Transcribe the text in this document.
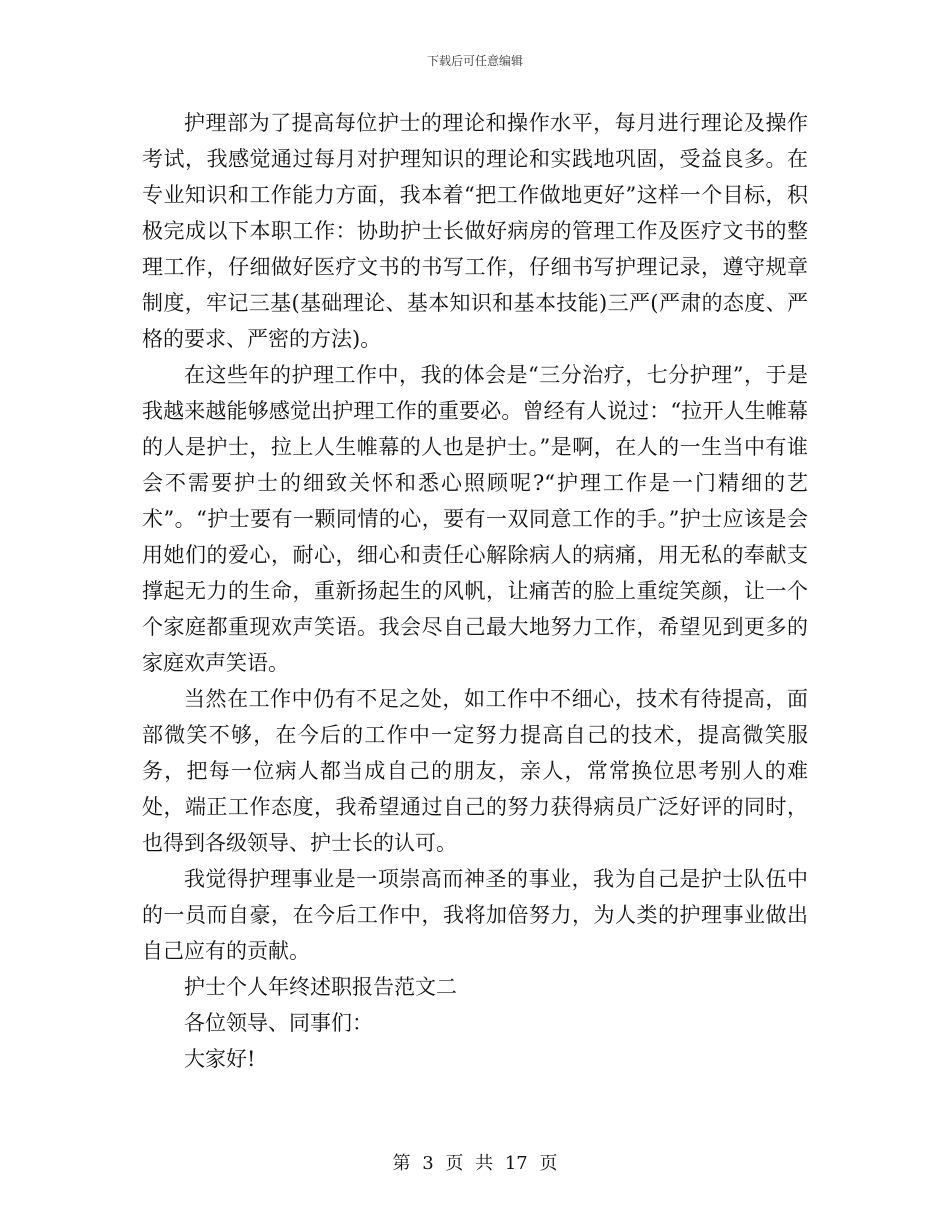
下载后可任意编辑

护理部为了提高每位护士的理论和操作水平，每月进行理论及操作考试，我感觉通过每月对护理知识的理论和实践地巩固，受益良多。在专业知识和工作能力方面，我本着“把工作做地更好”这样一个目标，积极完成以下本职工作：协助护士长做好病房的管理工作及医疗文书的整理工作，仔细做好医疗文书的书写工作，仔细书写护理记录，遵守规章制度，牢记三基(基础理论、基本知识和基本技能)三严(严肃的态度、严格的要求、严密的方法)。

在这些年的护理工作中，我的体会是“三分治疗，七分护理”，于是我越来越能够感觉出护理工作的重要必。曾经有人说过：“拉开人生帷幕的人是护士，拉上人生帷幕的人也是护士。”是啊，在人的一生当中有谁会不需要护士的细致关怀和悉心照顾呢?“护理工作是一门精细的艺术”。“护士要有一颗同情的心，要有一双同意工作的手。”护士应该是会用她们的爱心，耐心，细心和责任心解除病人的病痛，用无私的奉献支撑起无力的生命，重新扬起生的风帆，让痛苦的脸上重绽笑颜，让一个个家庭都重现欢声笑语。我会尽自己最大地努力工作，希望见到更多的家庭欢声笑语。

当然在工作中仍有不足之处，如工作中不细心，技术有待提高，面部微笑不够，在今后的工作中一定努力提高自己的技术，提高微笑服务，把每一位病人都当成自己的朋友，亲人，常常换位思考别人的难处，端正工作态度，我希望通过自己的努力获得病员广泛好评的同时，也得到各级领导、护士长的认可。

我觉得护理事业是一项崇高而神圣的事业，我为自己是护士队伍中的一员而自豪，在今后工作中，我将加倍努力，为人类的护理事业做出自己应有的贡献。

护士个人年终述职报告范文二

各位领导、同事们：

大家好!

第 3 页 共 17 页
